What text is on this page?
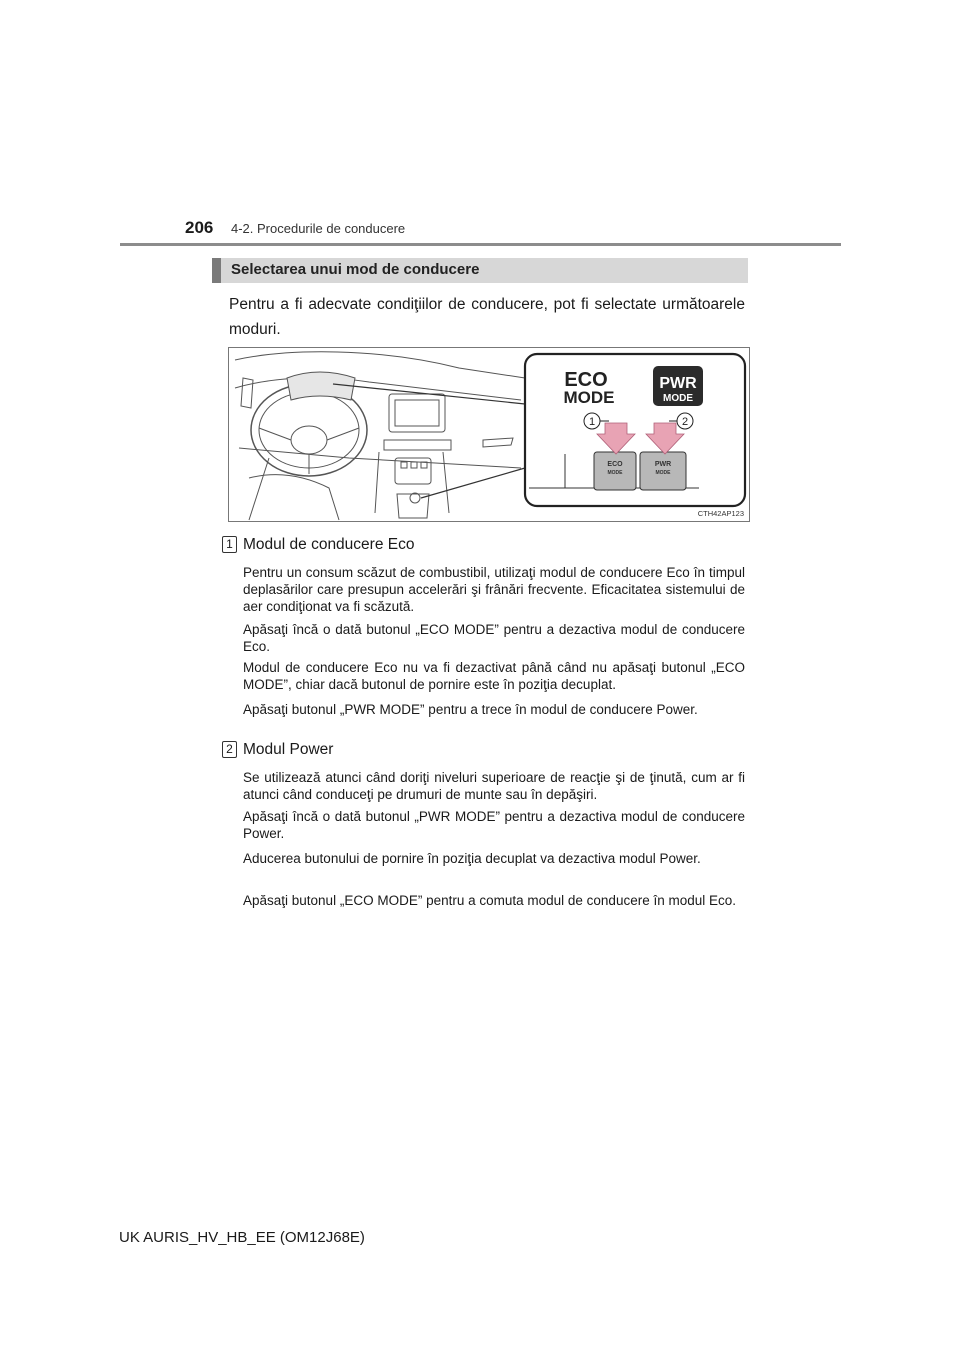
206 4-2. Procedurile de conducere
Selectarea unui mod de conducere
Pentru a fi adecvate condiţiilor de conducere, pot fi selectate următoarele moduri.
ECO
MODE
PWR
MODE
1	2
ECO
MODE
PWR
MODE
CTH42AP123
1 Modul de conducere Eco
Pentru un consum scăzut de combustibil, utilizaţi modul de conducere Eco în timpul deplasărilor care presupun accelerări şi frânări frecvente. Eficacitatea sistemului de aer condiţionat va fi scăzută.
Apăsaţi încă o dată butonul „ECO MODE” pentru a dezactiva modul de conducere Eco.
Modul de conducere Eco nu va fi dezactivat până când nu apăsaţi butonul „ECO MODE”, chiar dacă butonul de pornire este în poziţia decuplat.
Apăsaţi butonul „PWR MODE” pentru a trece în modul de conducere Power.
2 Modul Power
Se utilizează atunci când doriţi niveluri superioare de reacţie şi de ţinută, cum ar fi atunci când conduceţi pe drumuri de munte sau în depăşiri.
Apăsaţi încă o dată butonul „PWR MODE” pentru a dezactiva modul de conducere Power.
Aducerea butonului de pornire în poziţia decuplat va dezactiva modul Power.
Apăsaţi butonul „ECO MODE” pentru a comuta modul de conducere în modul Eco.
UK AURIS_HV_HB_EE (OM12J68E)
